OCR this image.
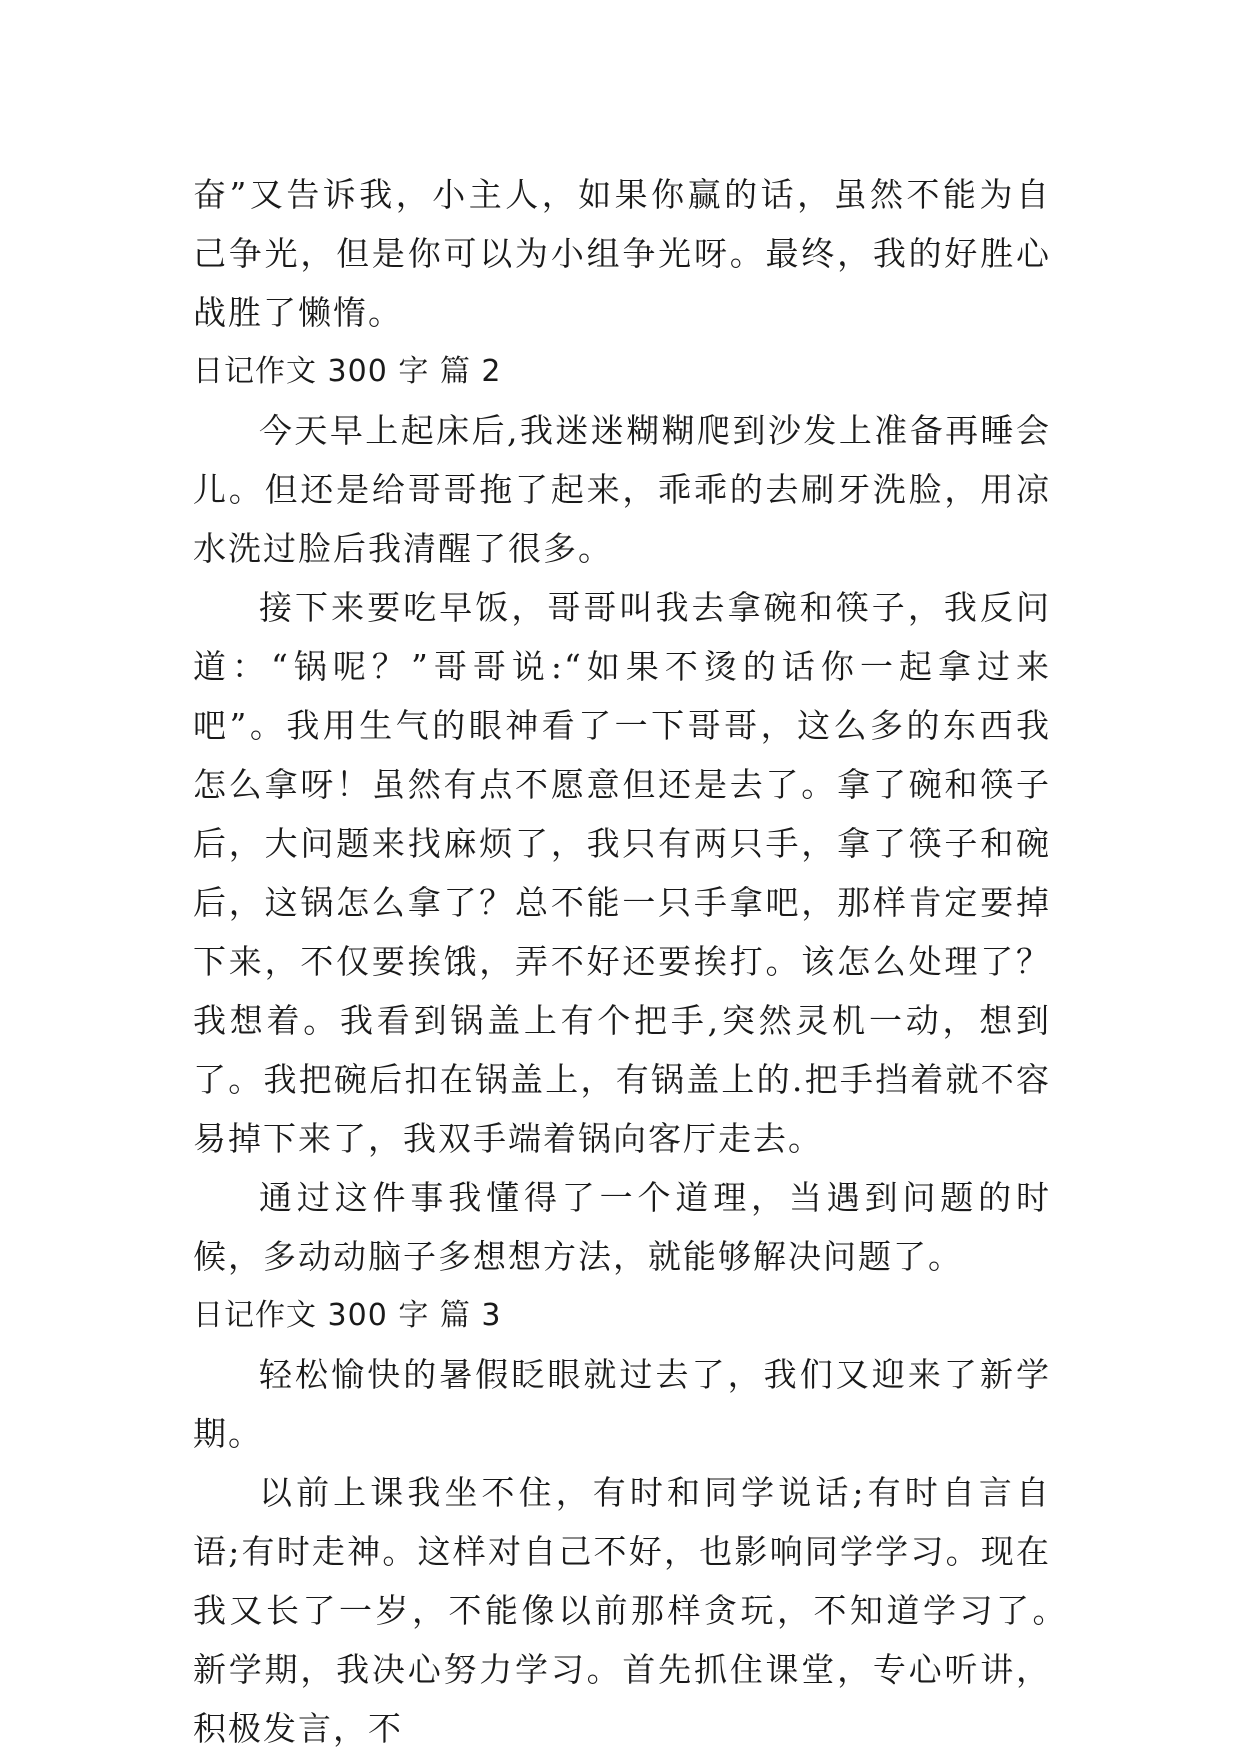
奋”又告诉我，小主人，如果你赢的话，虽然不能为自己争光，但是你可以为小组争光呀。最终，我的好胜心战胜了懒惰。

日记作文 300 字 篇 2

今天早上起床后,我迷迷糊糊爬到沙发上准备再睡会儿。但还是给哥哥拖了起来，乖乖的去刷牙洗脸，用凉水洗过脸后我清醒了很多。

接下来要吃早饭，哥哥叫我去拿碗和筷子，我反问道：“锅呢？”哥哥说:“如果不烫的话你一起拿过来吧”。我用生气的眼神看了一下哥哥，这么多的东西我怎么拿呀！虽然有点不愿意但还是去了。拿了碗和筷子后，大问题来找麻烦了，我只有两只手，拿了筷子和碗后，这锅怎么拿了？总不能一只手拿吧，那样肯定要掉下来，不仅要挨饿，弄不好还要挨打。该怎么处理了？我想着。我看到锅盖上有个把手,突然灵机一动，想到了。我把碗后扣在锅盖上，有锅盖上的.把手挡着就不容易掉下来了，我双手端着锅向客厅走去。

通过这件事我懂得了一个道理，当遇到问题的时候，多动动脑子多想想方法，就能够解决问题了。

日记作文 300 字 篇 3

轻松愉快的暑假眨眼就过去了，我们又迎来了新学期。

以前上课我坐不住，有时和同学说话;有时自言自语;有时走神。这样对自己不好，也影响同学学习。现在我又长了一岁，不能像以前那样贪玩，不知道学习了。　　新学期，我决心努力学习。首先抓住课堂，专心听讲，积极发言，不
